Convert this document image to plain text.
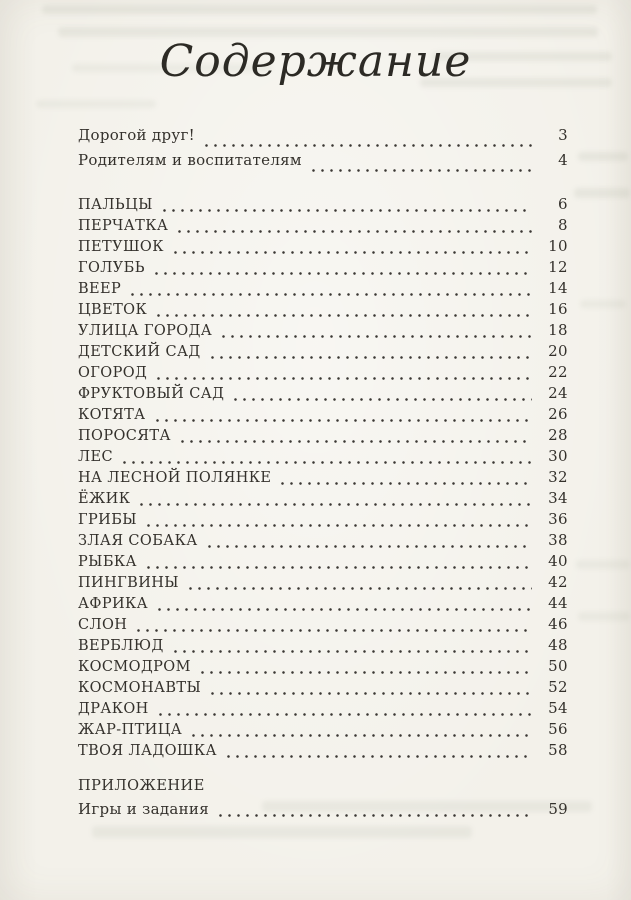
Содержание
Дорогой друг!	3
Родителям и воспитателям	4
ПАЛЬЦЫ	6
ПЕРЧАТКА	8
ПЕТУШОК	10
ГОЛУБЬ	12
ВЕЕР	14
ЦВЕТОК	16
УЛИЦА ГОРОДА	18
ДЕТСКИЙ САД	20
ОГОРОД	22
ФРУКТОВЫЙ САД	24
КОТЯТА	26
ПОРОСЯТА	28
ЛЕС	30
НА ЛЕСНОЙ ПОЛЯНКЕ	32
ЁЖИК	34
ГРИБЫ	36
ЗЛАЯ СОБАКА	38
РЫБКА	40
ПИНГВИНЫ	42
АФРИКА	44
СЛОН	46
ВЕРБЛЮД	48
КОСМОДРОМ	50
КОСМОНАВТЫ	52
ДРАКОН	54
ЖАР-ПТИЦА	56
ТВОЯ ЛАДОШКА	58
ПРИЛОЖЕНИЕ
Игры и задания	59
